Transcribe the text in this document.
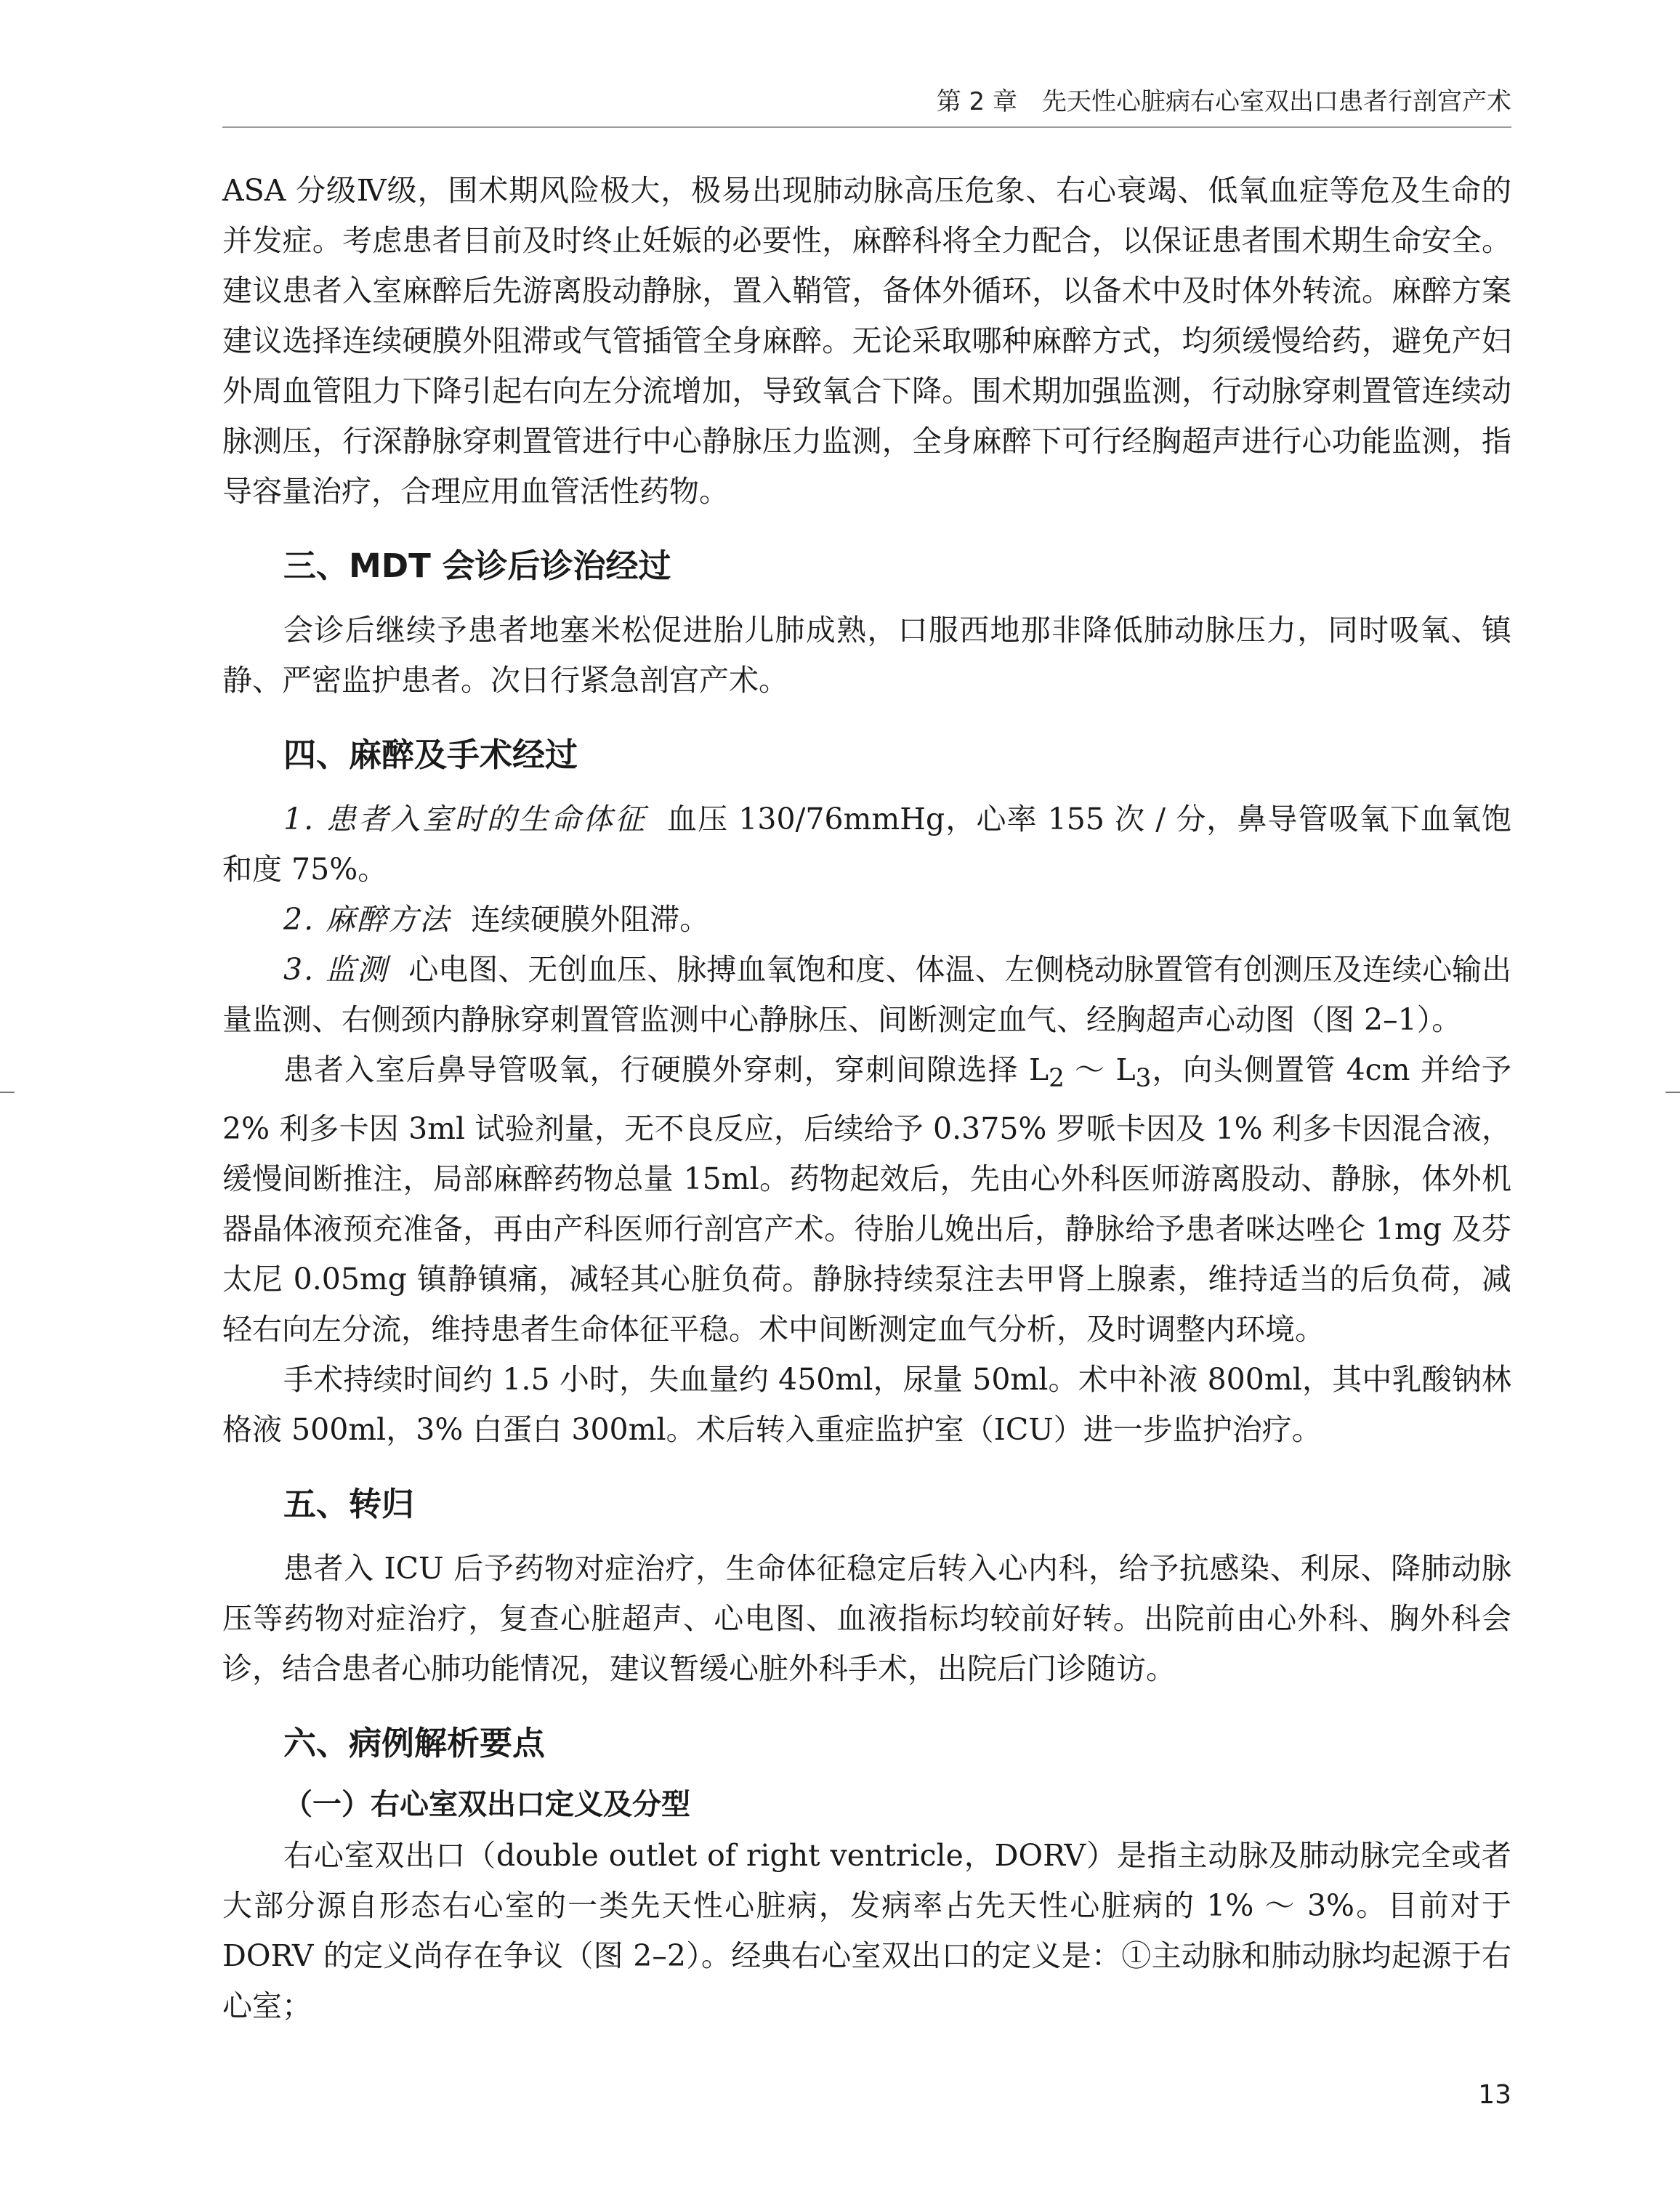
第 2 章　先天性心脏病右心室双出口患者行剖宫产术

ASA 分级Ⅳ级，围术期风险极大，极易出现肺动脉高压危象、右心衰竭、低氧血症等危及生命的并发症。考虑患者目前及时终止妊娠的必要性，麻醉科将全力配合，以保证患者围术期生命安全。建议患者入室麻醉后先游离股动静脉，置入鞘管，备体外循环，以备术中及时体外转流。麻醉方案建议选择连续硬膜外阻滞或气管插管全身麻醉。无论采取哪种麻醉方式，均须缓慢给药，避免产妇外周血管阻力下降引起右向左分流增加，导致氧合下降。围术期加强监测，行动脉穿刺置管连续动脉测压，行深静脉穿刺置管进行中心静脉压力监测，全身麻醉下可行经胸超声进行心功能监测，指导容量治疗，合理应用血管活性药物。

三、MDT 会诊后诊治经过

会诊后继续予患者地塞米松促进胎儿肺成熟，口服西地那非降低肺动脉压力，同时吸氧、镇静、严密监护患者。次日行紧急剖宫产术。

四、麻醉及手术经过

1. 患者入室时的生命体征 血压 130/76mmHg，心率 155 次 / 分，鼻导管吸氧下血氧饱和度 75%。

2. 麻醉方法 连续硬膜外阻滞。

3. 监测 心电图、无创血压、脉搏血氧饱和度、体温、左侧桡动脉置管有创测压及连续心输出量监测、右侧颈内静脉穿刺置管监测中心静脉压、间断测定血气、经胸超声心动图（图 2–1）。

患者入室后鼻导管吸氧，行硬膜外穿刺，穿刺间隙选择 $L_2$ ～ $L_3$，向头侧置管 4cm 并给予 2% 利多卡因 3ml 试验剂量，无不良反应，后续给予 0.375% 罗哌卡因及 1% 利多卡因混合液，缓慢间断推注，局部麻醉药物总量 15ml。药物起效后，先由心外科医师游离股动、静脉，体外机器晶体液预充准备，再由产科医师行剖宫产术。待胎儿娩出后，静脉给予患者咪达唑仑 1mg 及芬太尼 0.05mg 镇静镇痛，减轻其心脏负荷。静脉持续泵注去甲肾上腺素，维持适当的后负荷，减轻右向左分流，维持患者生命体征平稳。术中间断测定血气分析，及时调整内环境。

手术持续时间约 1.5 小时，失血量约 450ml，尿量 50ml。术中补液 800ml，其中乳酸钠林格液 500ml，3% 白蛋白 300ml。术后转入重症监护室（ICU）进一步监护治疗。

五、转归

患者入 ICU 后予药物对症治疗，生命体征稳定后转入心内科，给予抗感染、利尿、降肺动脉压等药物对症治疗，复查心脏超声、心电图、血液指标均较前好转。出院前由心外科、胸外科会诊，结合患者心肺功能情况，建议暂缓心脏外科手术，出院后门诊随访。

六、病例解析要点
（一）右心室双出口定义及分型

右心室双出口（double outlet of right ventricle，DORV）是指主动脉及肺动脉完全或者大部分源自形态右心室的一类先天性心脏病，发病率占先天性心脏病的 1% ～ 3%。目前对于 DORV 的定义尚存在争议（图 2–2）。经典右心室双出口的定义是：①主动脉和肺动脉均起源于右心室；

13
